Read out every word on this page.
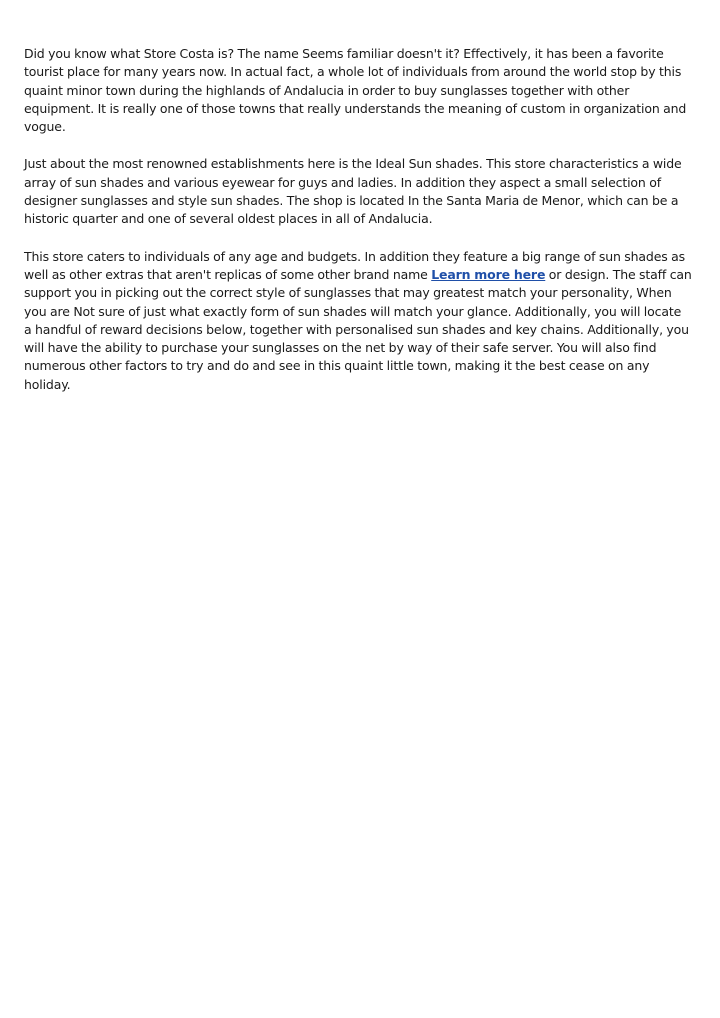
Did you know what Store Costa is? The name Seems familiar doesn't it? Effectively, it has been a favorite tourist place for many years now. In actual fact, a whole lot of individuals from around the world stop by this quaint minor town during the highlands of Andalucia in order to buy sunglasses together with other equipment. It is really one of those towns that really understands the meaning of custom in organization and vogue.

Just about the most renowned establishments here is the Ideal Sun shades. This store characteristics a wide array of sun shades and various eyewear for guys and ladies. In addition they aspect a small selection of designer sunglasses and style sun shades. The shop is located In the Santa Maria de Menor, which can be a historic quarter and one of several oldest places in all of Andalucia.

This store caters to individuals of any age and budgets. In addition they feature a big range of sun shades as well as other extras that aren't replicas of some other brand name Learn more here or design. The staff can support you in picking out the correct style of sunglasses that may greatest match your personality, When you are Not sure of just what exactly form of sun shades will match your glance. Additionally, you will locate a handful of reward decisions below, together with personalised sun shades and key chains. Additionally, you will have the ability to purchase your sunglasses on the net by way of their safe server. You will also find numerous other factors to try and do and see in this quaint little town, making it the best cease on any holiday.
